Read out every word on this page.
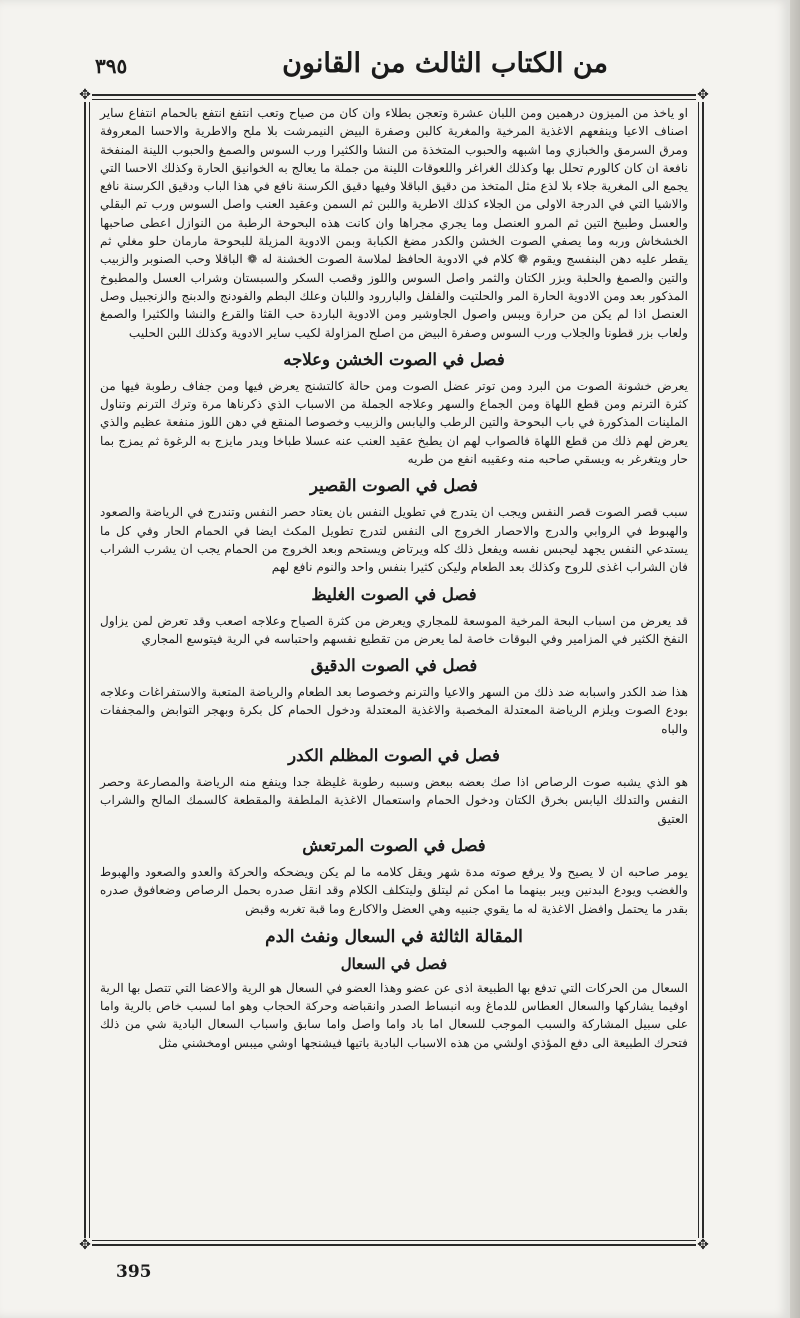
من الكتاب الثالث من القانون
٣٩٥
✥	✥
✥	✥

او ياخذ من الميزون درهمين ومن اللبان عشرة وتعجن بطلاء وان كان من صياح وتعب انتفع انتفع بالحمام انتفاع ساير اصناف الاعيا وينفعهم الاغذية المرخية والمغرية كالبن وصفرة البيض النيمرشت بلا ملح والاطرية والاحسا المعروفة ومرق السرمق والخبازي وما اشبهه والحبوب المتخذة من النشا والكثيرا ورب السوس والصمغ والحبوب اللينة المنفخة نافعة ان كان كالورم تحلل بها وكذلك الغراغر واللعوقات اللينة من جملة ما يعالج به الخوانيق الحارة وكذلك الاحسا التي يجمع الى المغرية جلاء بلا لذع مثل المتخذ من دقيق الباقلا وفيها دقيق الكرسنة نافع في هذا الباب ودقيق الكرسنة نافع والاشيا التي في الدرجة الاولى من الجلاء كذلك الاطرية واللبن ثم السمن وعقيد العنب واصل السوس ورب تم البقلي والعسل وطبيخ التين ثم المرو العنصل وما يجري مجراها وان كانت هذه البحوحة الرطبة من النوازل اعطى صاحبها الخشخاش وربه وما يصفي الصوت الخشن والكدر مضغ الكبابة وبمن الادوية المزيلة للبحوحة مارمان حلو مغلي ثم يقطر عليه دهن البنفسج ويقوم ❁ كلام في الادوية الحافظ لملاسة الصوت الخشنة له ❁ الباقلا وحب الصنوبر والزبيب والتين والصمغ والحلبة وبزر الكتان والثمر واصل السوس واللوز وقصب السكر والسبستان وشراب العسل والمطبوخ المذكور بعد ومن الادوية الحارة المر والحلتيت والفلفل والباررود واللبان وعلك البطم والفودنج والدبنج والزنجبيل وصل العنصل اذا لم يكن من حرارة ويبس واصول الجاوشير ومن الادوية الباردة حب القثا والقرع والنشا والكثيرا والصمغ ولعاب بزر قطونا والجلاب ورب السوس وصفرة البيض من اصلح المزاولة لكيب ساير الادوية وكذلك اللبن الحليب

فصل في الصوت الخشن وعلاجه

يعرض خشونة الصوت من البرد ومن توتر عضل الصوت ومن حالة كالتشنج يعرض فيها ومن جفاف رطوبة فيها من كثرة الترنم ومن قطع اللهاة ومن الجماع والسهر وعلاجه الجملة من الاسباب الذي ذكرناها مرة وترك الترنم وتناول الملينات المذكورة في باب البحوحة والتين الرطب واليابس والزبيب وخصوصا المنقع في دهن اللوز منفعة عظيم والذي يعرض لهم ذلك من قطع اللهاة فالصواب لهم ان يطبخ عقيد العنب عنه عسلا طباخا ويدر مايزج به الرغوة ثم يمزج بما حار ويتغرغر به ويسقي صاحبه منه وعقيبه انفع من طريه

فصل في الصوت القصير

سبب قصر الصوت قصر النفس ويجب ان يتدرج في تطويل النفس بان يعتاد حصر النفس وتندرج في الرياضة والصعود والهبوط في الروابي والدرج والاحصار الخروج الى النفس لتدرج تطويل المكث ايضا في الحمام الحار وفي كل ما يستدعي النفس يجهد ليحبس نفسه ويفعل ذلك كله ويرتاض ويستحم وبعد الخروج من الحمام يجب ان يشرب الشراب فان الشراب اغذى للروح وكذلك بعد الطعام وليكن كثيرا بنفس واحد والنوم نافع لهم

فصل في الصوت الغليظ

قد يعرض من اسباب البحة المرخية الموسعة للمجاري ويعرض من كثرة الصياح وعلاجه اصعب وقد تعرض لمن يزاول النفخ الكثير في المزامير وفي البوقات خاصة لما يعرض من تقطيع نفسهم واحتباسه في الرية فيتوسع المجاري

فصل في الصوت الدقيق

هذا ضد الكدر واسبابه ضد ذلك من السهر والاعيا والترنم وخصوصا بعد الطعام والرياضة المتعبة والاستفراغات وعلاجه بودع الصوت ويلزم الرياضة المعتدلة المخصبة والاغذية المعتدلة ودخول الحمام كل بكرة وبهجر التوابض والمجففات والباه

فصل في الصوت المظلم الكدر

هو الذي يشبه صوت الرصاص اذا صك بعضه ببعض وسببه رطوبة غليظة جدا وينفع منه الرياضة والمصارعة وحصر النفس والتدلك اليابس بخرق الكتان ودخول الحمام واستعمال الاغذية الملطفة والمقطعة كالسمك المالح والشراب العتيق

فصل في الصوت المرتعش

يومر صاحبه ان لا يصيح ولا يرفع صوته مدة شهر ويقل كلامه ما لم يكن ويضحكه والحركة والعدو والصعود والهبوط والغضب ويودع البدنين ويبر بينهما ما امكن ثم ليتلق وليتكلف الكلام وقد انقل صدره بحمل الرصاص وضعافوق صدره بقدر ما يحتمل وافضل الاغذية له ما يقوي جنبيه وهي العضل والاكارع وما قبة تغربه وقبض

المقالة الثالثة في السعال ونفث الدم
فصل في السعال

السعال من الحركات التي تدفع بها الطبيعة اذى عن عضو وهذا العضو في السعال هو الرية والاعضا التي تتصل بها الرية اوفيما يشاركها والسعال العطاس للدماغ وبه انبساط الصدر وانقباضه وحركة الحجاب وهو اما لسبب خاص بالرية واما على سبيل المشاركة والسبب الموجب للسعال اما باد واما واصل واما سابق واسباب السعال البادية شي من ذلك فتحرك الطبيعة الى دفع المؤذي اولشي من هذه الاسباب البادية باتيها فيشنجها اوشي ميبس اومخشني مثل

395
